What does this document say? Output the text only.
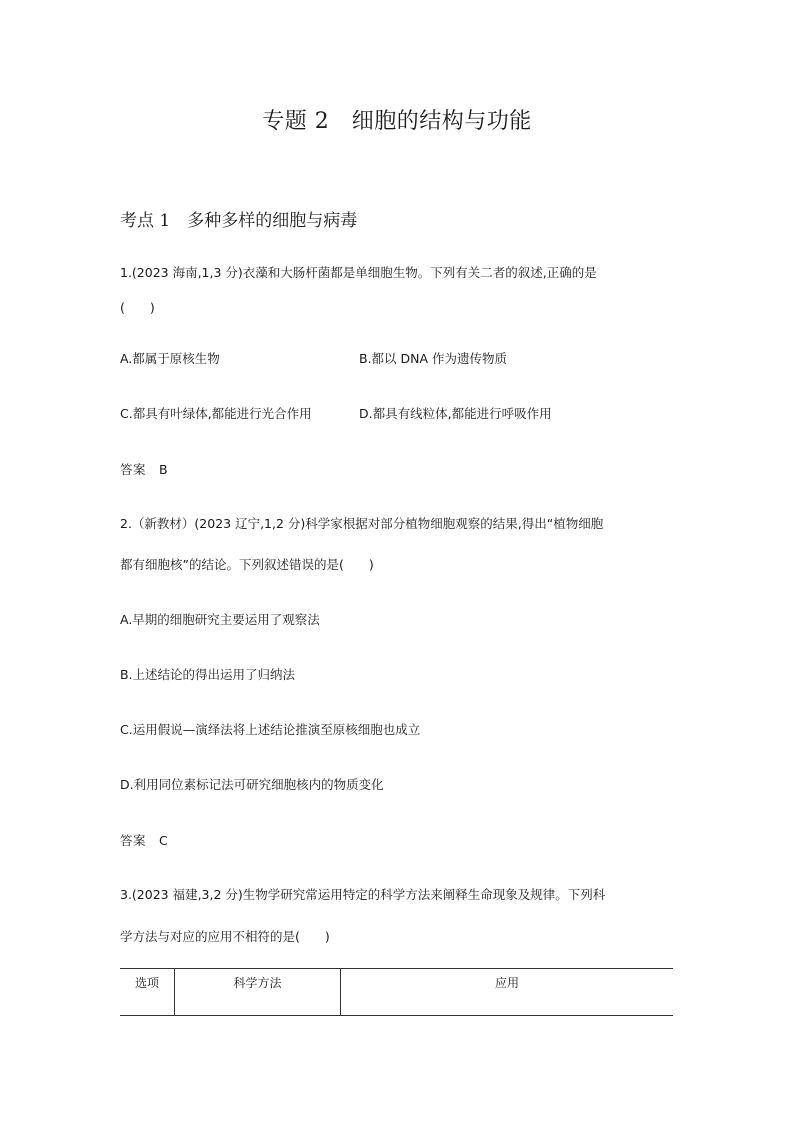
专题 2　细胞的结构与功能
考点 1　多种多样的细胞与病毒
1.(2023 海南,1,3 分)衣藻和大肠杆菌都是单细胞生物。下列有关二者的叙述,正确的是
(　　)
A.都属于原核生物	B.都以 DNA 作为遗传物质
C.都具有叶绿体,都能进行光合作用	D.都具有线粒体,都能进行呼吸作用
答案　B
2.（新教材）(2023 辽宁,1,2 分)科学家根据对部分植物细胞观察的结果,得出“植物细胞
都有细胞核”的结论。下列叙述错误的是(　　)
A.早期的细胞研究主要运用了观察法
B.上述结论的得出运用了归纳法
C.运用假说—演绎法将上述结论推演至原核细胞也成立
D.利用同位素标记法可研究细胞核内的物质变化
答案　C
3.(2023 福建,3,2 分)生物学研究常运用特定的科学方法来阐释生命现象及规律。下列科
学方法与对应的应用不相符的是(　　)
选项	科学方法	应用
